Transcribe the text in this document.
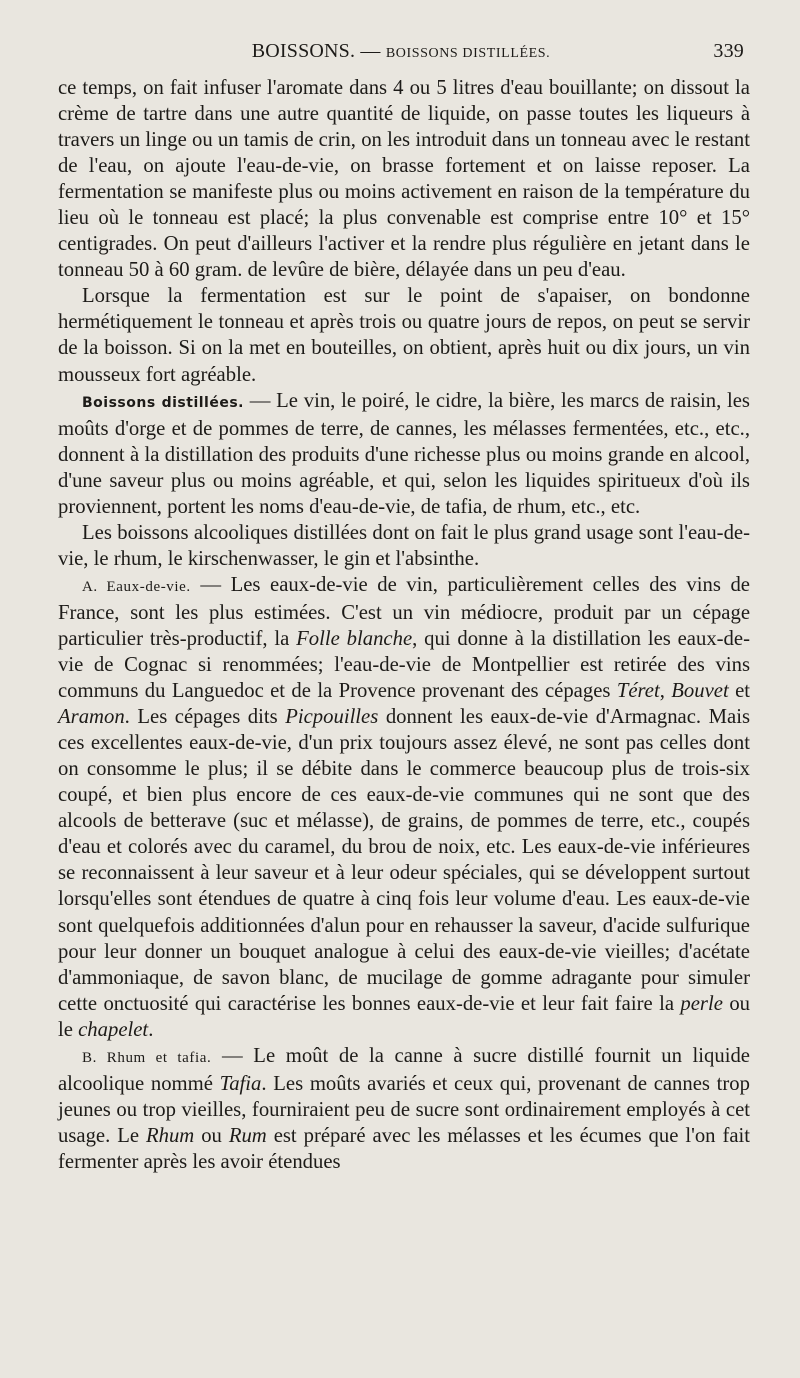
BOISSONS. — BOISSONS DISTILLÉES.	339

ce temps, on fait infuser l'aromate dans 4 ou 5 litres d'eau bouillante; on dissout la crème de tartre dans une autre quantité de liquide, on passe toutes les liqueurs à travers un linge ou un tamis de crin, on les introduit dans un tonneau avec le restant de l'eau, on ajoute l'eau-de-vie, on brasse fortement et on laisse reposer. La fermentation se manifeste plus ou moins activement en raison de la température du lieu où le tonneau est placé; la plus convenable est comprise entre 10° et 15° centigrades. On peut d'ailleurs l'activer et la rendre plus régulière en jetant dans le tonneau 50 à 60 gram. de levûre de bière, délayée dans un peu d'eau.

Lorsque la fermentation est sur le point de s'apaiser, on bondonne hermétiquement le tonneau et après trois ou quatre jours de repos, on peut se servir de la boisson. Si on la met en bouteilles, on obtient, après huit ou dix jours, un vin mousseux fort agréable.

Boissons distillées. — Le vin, le poiré, le cidre, la bière, les marcs de raisin, les moûts d'orge et de pommes de terre, de cannes, les mélasses fermentées, etc., etc., donnent à la distillation des produits d'une richesse plus ou moins grande en alcool, d'une saveur plus ou moins agréable, et qui, selon les liquides spiritueux d'où ils proviennent, portent les noms d'eau-de-vie, de tafia, de rhum, etc., etc.

Les boissons alcooliques distillées dont on fait le plus grand usage sont l'eau-de-vie, le rhum, le kirschenwasser, le gin et l'absinthe.

A. Eaux-de-vie. — Les eaux-de-vie de vin, particulièrement celles des vins de France, sont les plus estimées. C'est un vin médiocre, produit par un cépage particulier très-productif, la Folle blanche, qui donne à la distillation les eaux-de-vie de Cognac si renommées; l'eau-de-vie de Montpellier est retirée des vins communs du Languedoc et de la Provence provenant des cépages Téret, Bouvet et Aramon. Les cépages dits Picpouilles donnent les eaux-de-vie d'Armagnac. Mais ces excellentes eaux-de-vie, d'un prix toujours assez élevé, ne sont pas celles dont on consomme le plus; il se débite dans le commerce beaucoup plus de trois-six coupé, et bien plus encore de ces eaux-de-vie communes qui ne sont que des alcools de betterave (suc et mélasse), de grains, de pommes de terre, etc., coupés d'eau et colorés avec du caramel, du brou de noix, etc. Les eaux-de-vie inférieures se reconnaissent à leur saveur et à leur odeur spéciales, qui se développent surtout lorsqu'elles sont étendues de quatre à cinq fois leur volume d'eau. Les eaux-de-vie sont quelquefois additionnées d'alun pour en rehausser la saveur, d'acide sulfurique pour leur donner un bouquet analogue à celui des eaux-de-vie vieilles; d'acétate d'ammoniaque, de savon blanc, de mucilage de gomme adragante pour simuler cette onctuosité qui caractérise les bonnes eaux-de-vie et leur fait faire la perle ou le chapelet.

B. Rhum et tafia. — Le moût de la canne à sucre distillé fournit un liquide alcoolique nommé Tafia. Les moûts avariés et ceux qui, provenant de cannes trop jeunes ou trop vieilles, fourniraient peu de sucre sont ordinairement employés à cet usage. Le Rhum ou Rum est préparé avec les mélasses et les écumes que l'on fait fermenter après les avoir étendues
